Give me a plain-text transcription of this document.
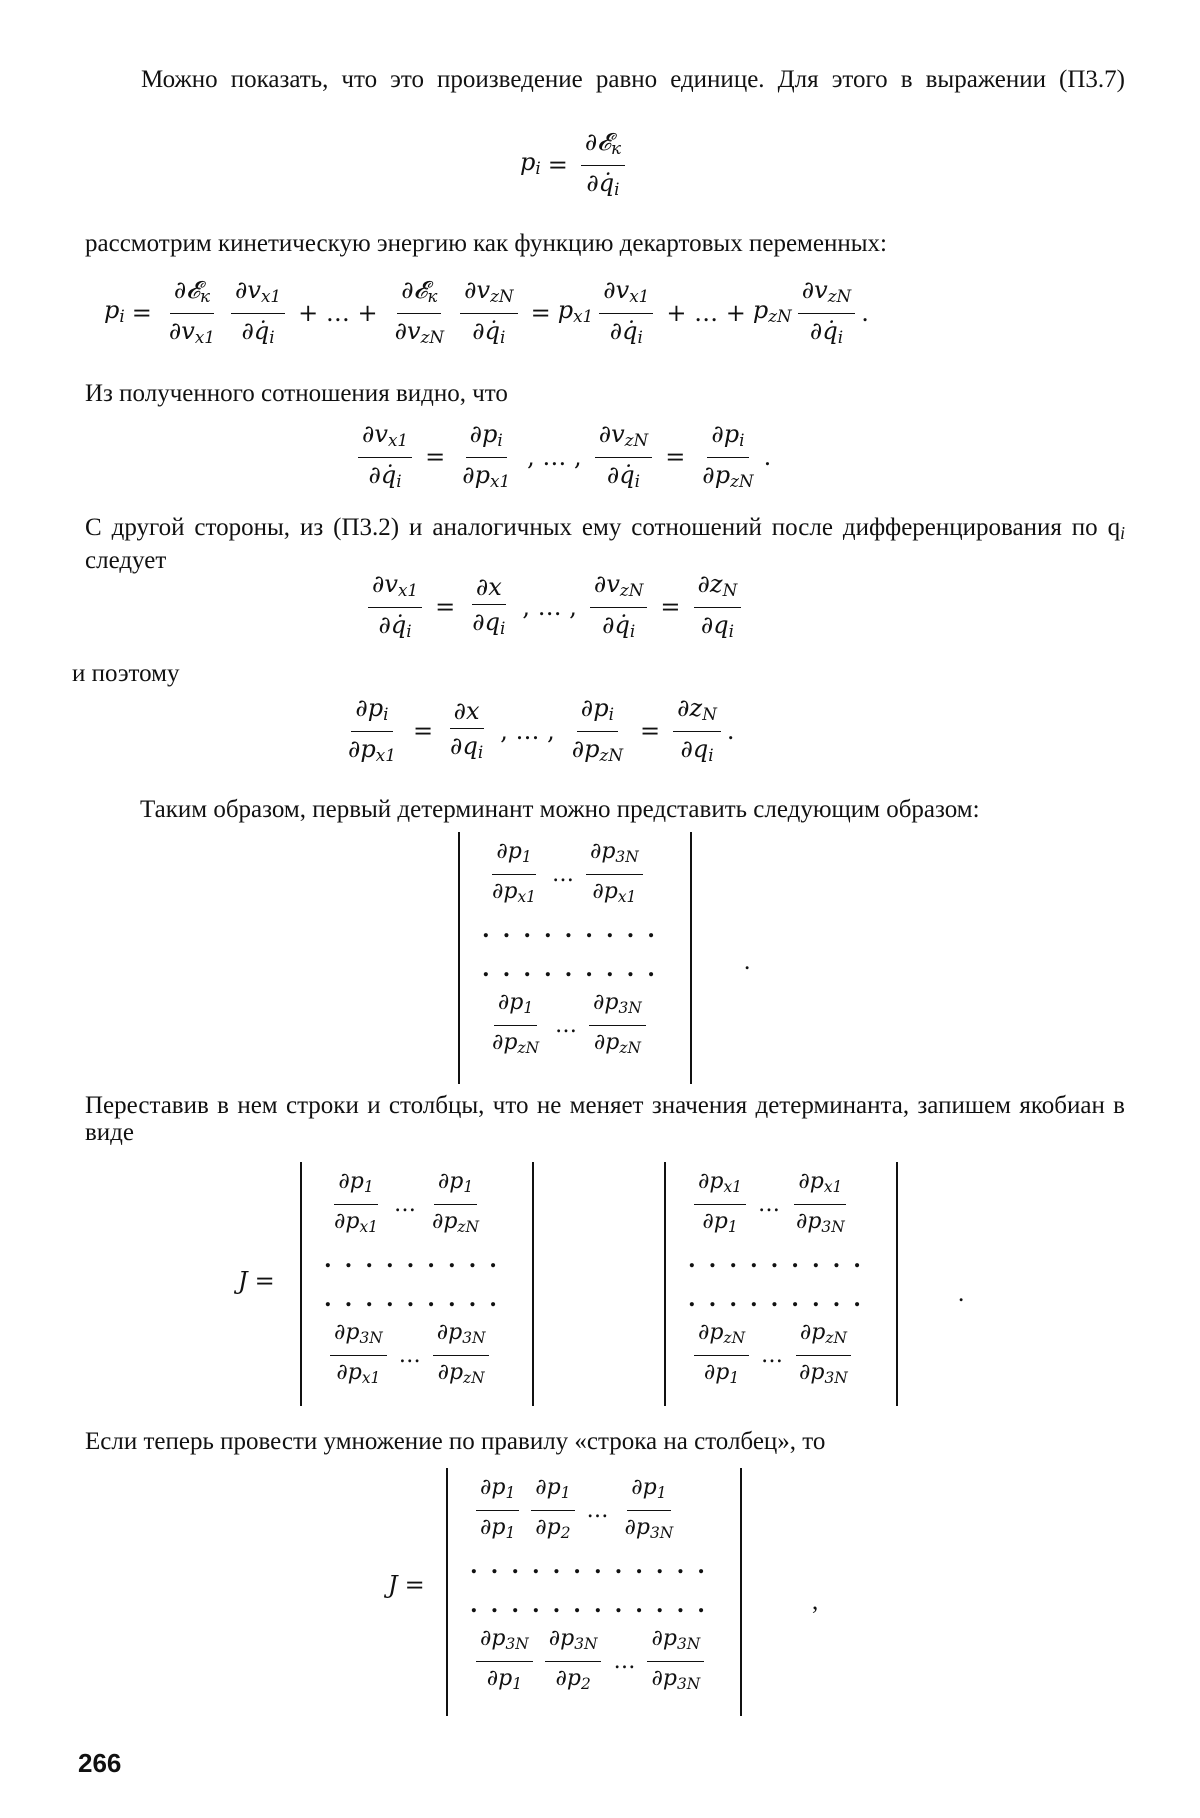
Можно показать, что это произведение равно единице. Для этого в выражении (П3.7)

$p_i = \frac{\partial 𝓔_к}{\partial q̇_i}$

рассмотрим кинетическую энергию как функцию декартовых переменных:

$p_i = \frac{\partial 𝓔_к}{\partial v_{x1}} \frac{\partial v_{x1}}{\partial q̇_i}$ + … + $\frac{\partial 𝓔_к}{\partial v_{zN}} \frac{\partial v_{zN}}{\partial q̇_i} = p_{x1} \frac{\partial v_{x1}}{\partial q̇_i}$ + … + $p_{zN} \frac{\partial v_{zN}}{\partial q̇_i}$ .

Из полученного сотношения видно, что

$\frac{\partial v_{x1}}{\partial q̇_i} = \frac{\partial p_i}{\partial p_{x1}}$ , … , $\frac{\partial v_{zN}}{\partial q̇_i} = \frac{\partial p_i}{\partial p_{zN}}$ .

С другой стороны, из (П3.2) и аналогичных ему сотношений после дифференцирования по $q_i$ следует

$\frac{\partial v_{x1}}{\partial q̇_i} = \frac{\partial x}{\partial q_i}$ , … , $\frac{\partial v_{zN}}{\partial q̇_i} = \frac{\partial z_N}{\partial q_i}$

и поэтому

$\frac{\partial p_i}{\partial p_{x1}} = \frac{\partial x}{\partial q_i}$ , … , $\frac{\partial p_i}{\partial p_{zN}} = \frac{\partial z_N}{\partial q_i}$ .

Таким образом, первый детерминант можно представить следующим образом:

$\frac{\partial p_1}{\partial p_{x1}}$ … $\frac{\partial p_{3N}}{\partial p_{x1}}$
.........
.........
$\frac{\partial p_1}{\partial p_{zN}}$ … $\frac{\partial p_{3N}}{\partial p_{zN}}$
.

Переставив в нем строки и столбцы, что не меняет значения детерминанта, запишем якобиан в виде

J =
$\frac{\partial p_1}{\partial p_{x1}}$ … $\frac{\partial p_1}{\partial p_{zN}}$
.........
.........
$\frac{\partial p_{3N}}{\partial p_{x1}}$ … $\frac{\partial p_{3N}}{\partial p_{zN}}$
$\frac{\partial p_{x1}}{\partial p_1}$ … $\frac{\partial p_{x1}}{\partial p_{3N}}$
.........
.........
$\frac{\partial p_{zN}}{\partial p_1}$ … $\frac{\partial p_{zN}}{\partial p_{3N}}$
.

Если теперь провести умножение по правилу «строка на столбец», то

J =
$\frac{\partial p_1}{\partial p_1} \frac{\partial p_1}{\partial p_2}$ … $\frac{\partial p_1}{\partial p_{3N}}$
............
............
$\frac{\partial p_{3N}}{\partial p_1} \frac{\partial p_{3N}}{\partial p_2}$ … $\frac{\partial p_{3N}}{\partial p_{3N}}$
,
266
